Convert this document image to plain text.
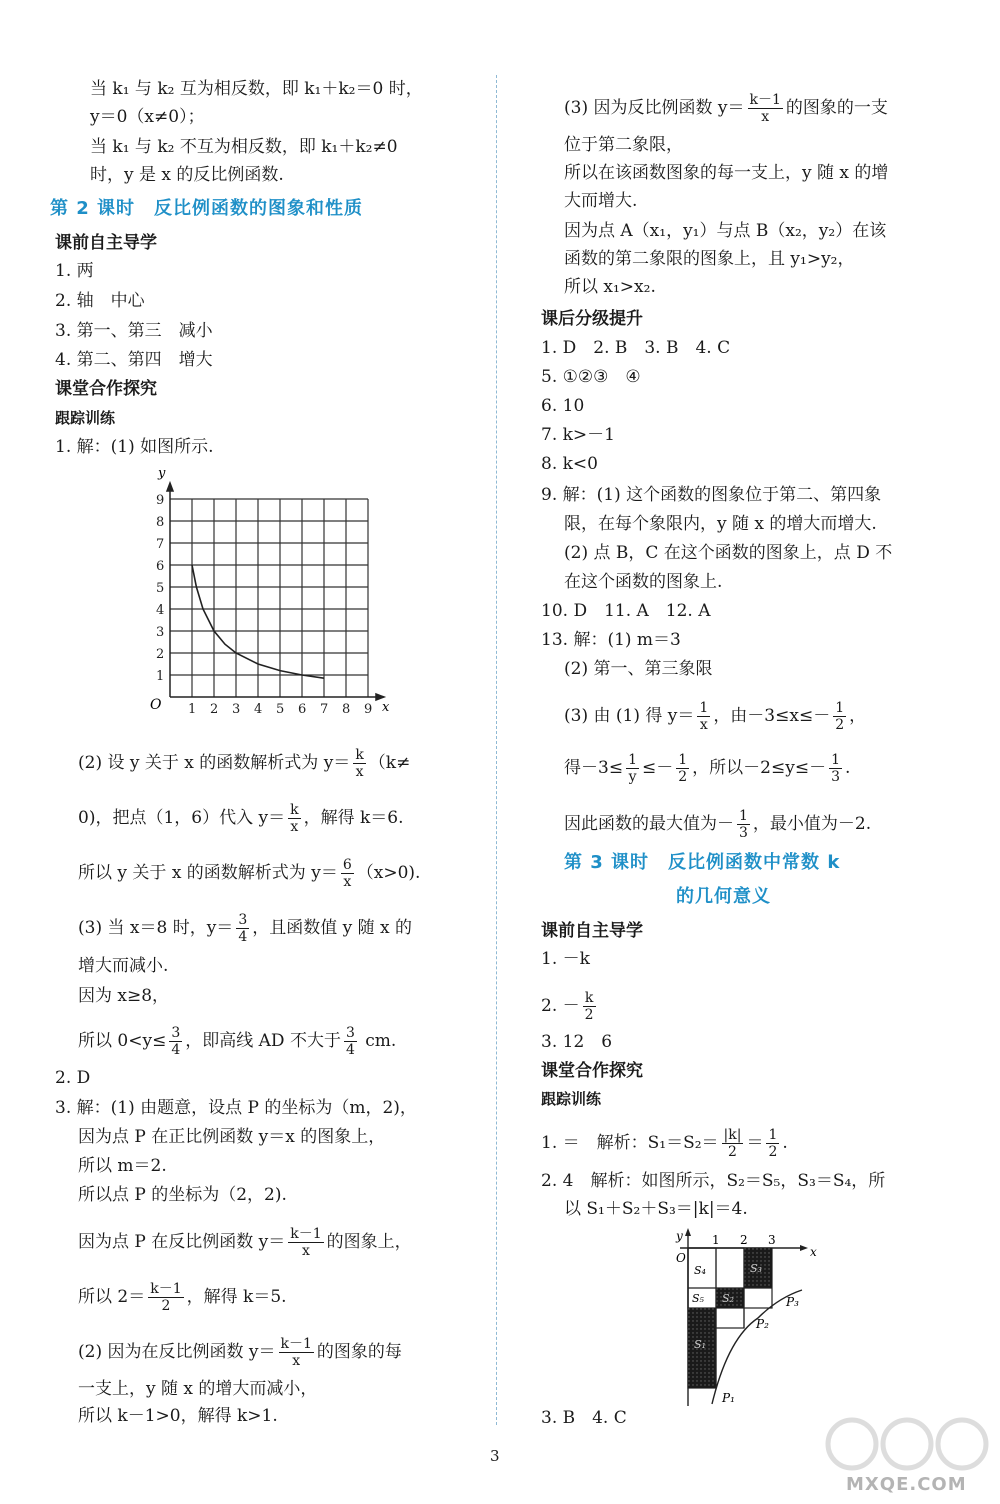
当 k₁ 与 k₂ 互为相反数，即 k₁＋k₂＝0 时，
y＝0（x≠0）；
当 k₁ 与 k₂ 不互为相反数，即 k₁＋k₂≠0
时，y 是 x 的反比例函数.
第 2 课时　反比例函数的图象和性质
课前自主导学
1. 两
2. 轴　中心
3. 第一、第三　减小
4. 第二、第四　增大
课堂合作探究
跟踪训练
1. 解：(1) 如图所示.
1 2 3 4 5 6 7 8 9
1
2
3
4
5
6
7
8
9
y
x
O
(2) 设 y 关于 x 的函数解析式为 $y= \frac{k}{x} (k\ne$
0)，把点（1，6）代入 $y= \frac{k}{x}$ ，解得 k＝6.
所以 y 关于 x 的函数解析式为 $y= \frac{6}{x} (x>0)$.
(3) 当 x＝8 时，$y= \frac{3}{4}$ ，且函数值 y 随 x 的
增大而减小.
因为 x≥8，
所以 $0<y\le \frac{3}{4}$ ，即高线 AD 不大于 $\frac{3}{4}$ cm.
2. D
3. 解：(1) 由题意，设点 P 的坐标为（m，2)，
因为点 P 在正比例函数 y＝x 的图象上，
所以 m＝2.
所以点 P 的坐标为（2，2).
因为点 P 在反比例函数 $y= \frac{k-1}{x}$ 的图象上，
所以 $2= \frac{k-1}{2}$ ，解得 k＝5.
(2) 因为在反比例函数 $y= \frac{k-1}{x}$ 的图象的每
一支上，y 随 x 的增大而减小，
所以 k－1>0，解得 k>1.
(3) 因为反比例函数 $y= \frac{k-1}{x}$ 的图象的一支
位于第二象限，
所以在该函数图象的每一支上，y 随 x 的增
大而增大.
因为点 A（x₁，y₁）与点 B（x₂，y₂）在该
函数的第二象限的图象上，且 y₁>y₂，
所以 x₁>x₂.
课后分级提升
1. D　2. B　3. B　4. C
5. ①②③　④
6. 10
7. k>－1
8. k<0
9. 解：(1) 这个函数的图象位于第二、第四象
限，在每个象限内，y 随 x 的增大而增大.
(2) 点 B，C 在这个函数的图象上，点 D 不
在这个函数的图象上.
10. D　11. A　12. A
13. 解：(1) m＝3
(2) 第一、第三象限
(3) 由 (1) 得 $y= \frac{1}{x}$ ，由$-3\le x\le- \frac{1}{2}$ ，
得$-3\le \frac{1}{y} \le- \frac{1}{2}$ ，所以$-2\le y\le- \frac{1}{3}$ .
因此函数的最大值为－ $\frac{1}{3}$ ，最小值为－2.
第 3 课时　反比例函数中常数 k
的几何意义
课前自主导学
1. －k
2. － $\frac{k}{2}$
3. 12　6
课堂合作探究
跟踪训练
1. ＝　解析：$S_1=S_2= \frac{|k|}{2} = \frac{1}{2}$ .
2. 4　解析：如图所示，S₂＝S₅，S₃＝S₄，所
以 S₁＋S₂＋S₃＝|k|＝4.
y
x
O
1 2 3
S₄
S₅
S₃
S₂
S₁
P₃
P₂
P₁
3. B　4. C
3
MXQE.COM
